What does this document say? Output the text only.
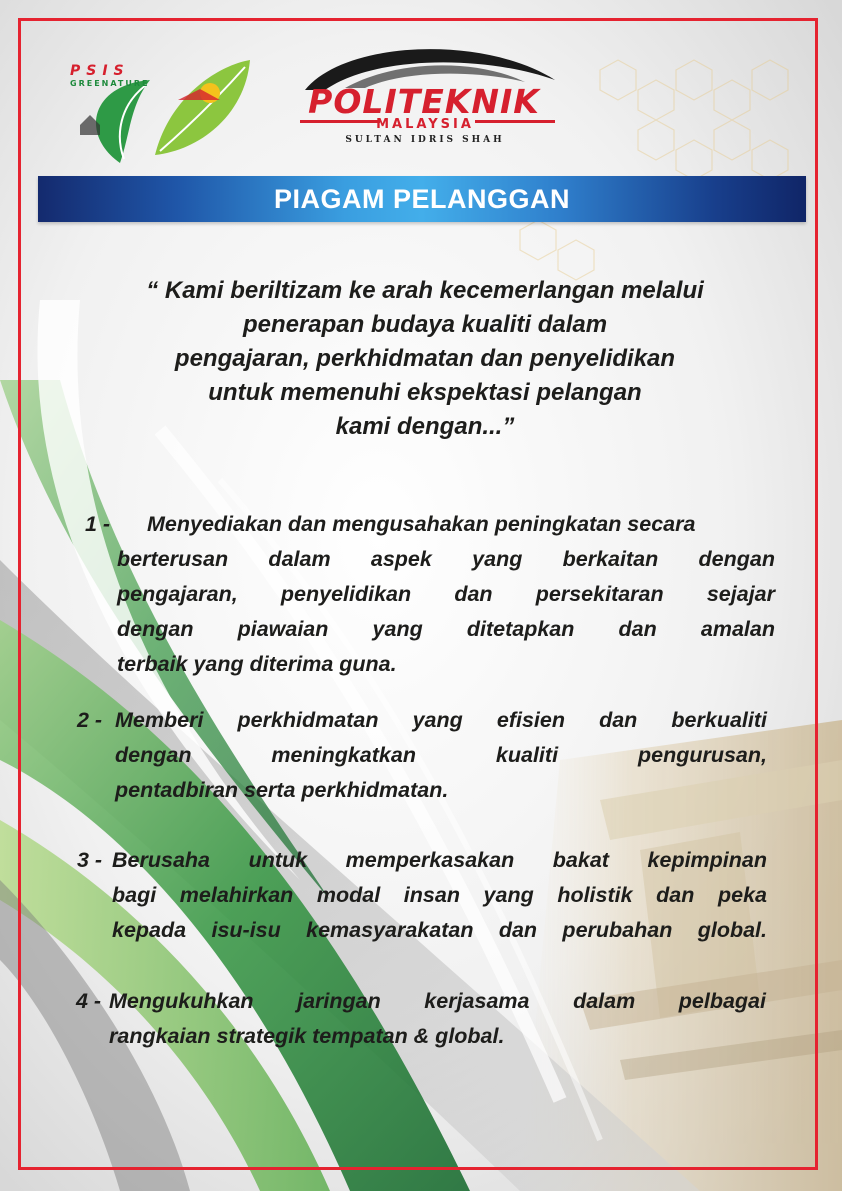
PSIS
GREENATURE	POLITEKNIK
MALAYSIA
SULTAN IDRIS SHAH
PIAGAM PELANGGAN

“ Kami beriltizam ke arah kecemerlangan melalui
penerapan budaya kualiti dalam
pengajaran, perkhidmatan dan penyelidikan
untuk memenuhi ekspektasi pelangan
kami dengan...”

1 - Menyediakan dan mengusahakan peningkatan secara
berterusan dalam aspek yang berkaitan dengan
pengajaran, penyelidikan dan persekitaran sejajar
dengan piawaian yang ditetapkan dan amalan
terbaik yang diterima guna.
2 - Memberi perkhidmatan yang efisien dan berkualiti
dengan meningkatkan kualiti pengurusan,
pentadbiran serta perkhidmatan.
3 - Berusaha untuk memperkasakan bakat kepimpinan
bagi melahirkan modal insan yang holistik dan peka
kepada isu-isu kemasyarakatan dan perubahan global.
4 - Mengukuhkan jaringan kerjasama dalam pelbagai
rangkaian strategik tempatan & global.
